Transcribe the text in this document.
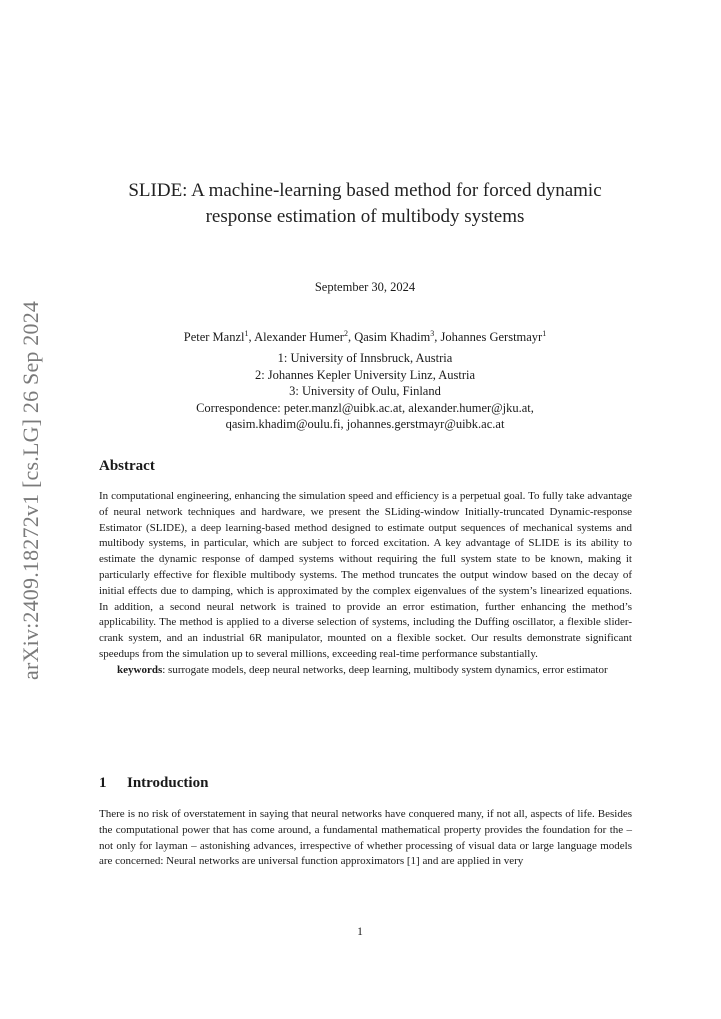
arXiv:2409.18272v1 [cs.LG] 26 Sep 2024
SLIDE: A machine-learning based method for forced dynamic
response estimation of multibody systems
September 30, 2024
Peter Manzl$^1$, Alexander Humer$^2$, Qasim Khadim$^3$, Johannes Gerstmayr$^1$
1: University of Innsbruck, Austria
2: Johannes Kepler University Linz, Austria
3: University of Oulu, Finland
Correspondence: peter.manzl@uibk.ac.at, alexander.humer@jku.at,
qasim.khadim@oulu.fi, johannes.gerstmayr@uibk.ac.at
Abstract

In computational engineering, enhancing the simulation speed and efficiency is a perpetual goal. To fully take advantage of neural network techniques and hardware, we present the SLiding-window Initially-truncated Dynamic-response Estimator (SLIDE), a deep learning-based method designed to estimate output sequences of mechanical systems and multibody systems, in particular, which are subject to forced excitation. A key advantage of SLIDE is its ability to estimate the dynamic response of damped systems without requiring the full system state to be known, making it particularly effective for flexible multibody systems. The method truncates the output window based on the decay of initial effects due to damping, which is approximated by the complex eigenvalues of the system’s linearized equations. In addition, a second neural network is trained to provide an error estimation, further enhancing the method’s applicability. The method is applied to a diverse selection of systems, including the Duffing oscillator, a flexible slider-crank system, and an industrial 6R manipulator, mounted on a flexible socket. Our results demonstrate significant speedups from the simulation up to several millions, exceeding real-time performance substantially.

keywords: surrogate models, deep neural networks, deep learning, multibody system dynamics, error estimator

1 Introduction

There is no risk of overstatement in saying that neural networks have conquered many, if not all, aspects of life. Besides the computational power that has come around, a fundamental mathematical property provides the foundation for the – not only for layman – astonishing advances, irrespective of whether processing of visual data or large language models are concerned: Neural networks are universal function approximators [1] and are applied in very

1
